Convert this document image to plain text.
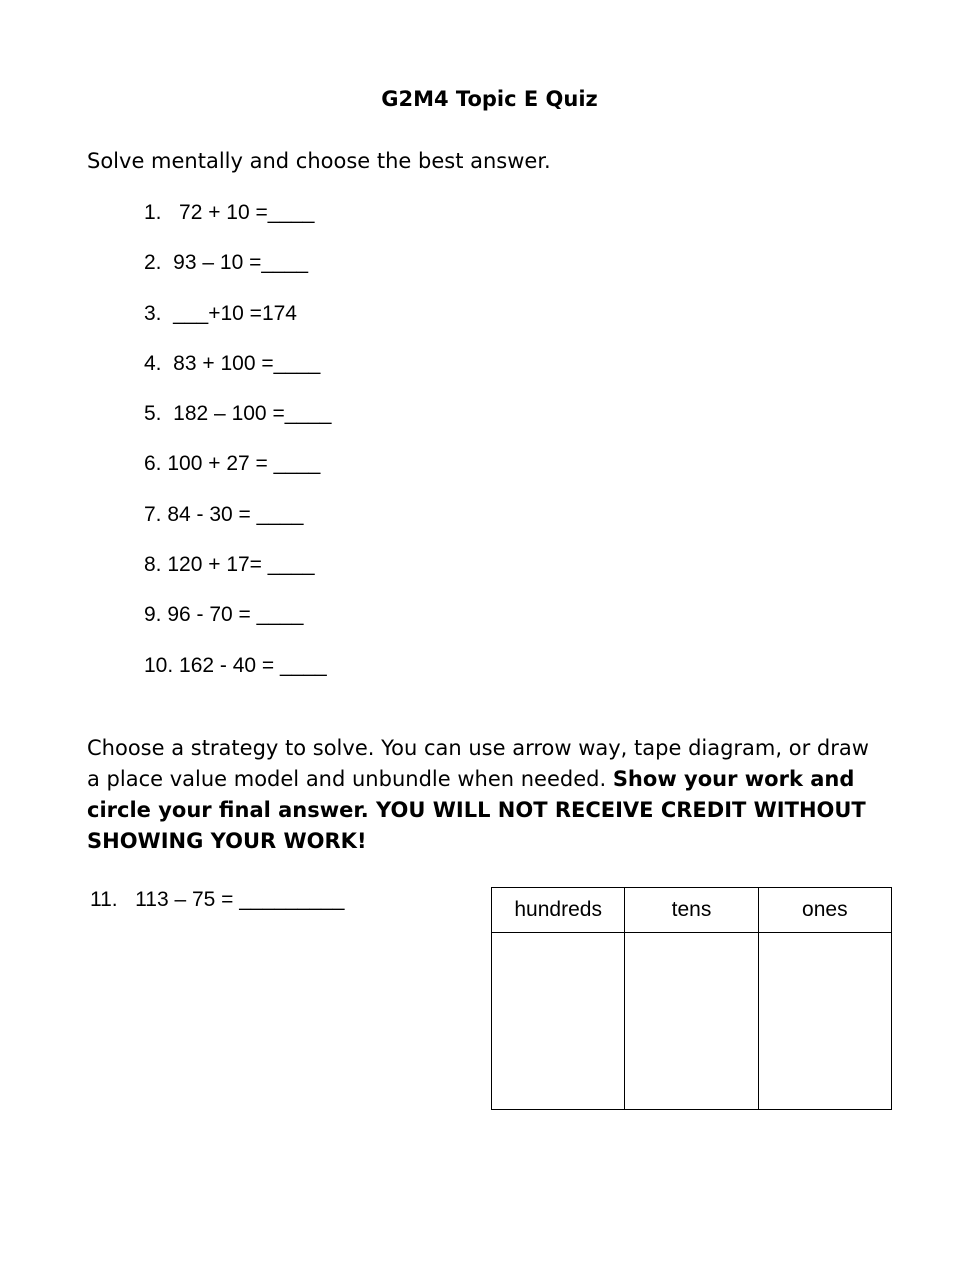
G2M4 Topic E Quiz
Solve mentally and choose the best answer.
1.   72 + 10 =____
2.  93 – 10 =____
3.  ___+10 =174
4.  83 + 100 =____
5.  182 – 100 =____
6. 100 + 27 = ____
7. 84 - 30 = ____
8. 120 + 17= ____
9. 96 - 70 = ____
10. 162 - 40 = ____
Choose a strategy to solve. You can use arrow way, tape diagram, or draw a place value model and unbundle when needed. Show your work and circle your final answer. YOU WILL NOT RECEIVE CREDIT WITHOUT SHOWING YOUR WORK!
11.   113 – 75 = _________	hundreds	tens	ones
